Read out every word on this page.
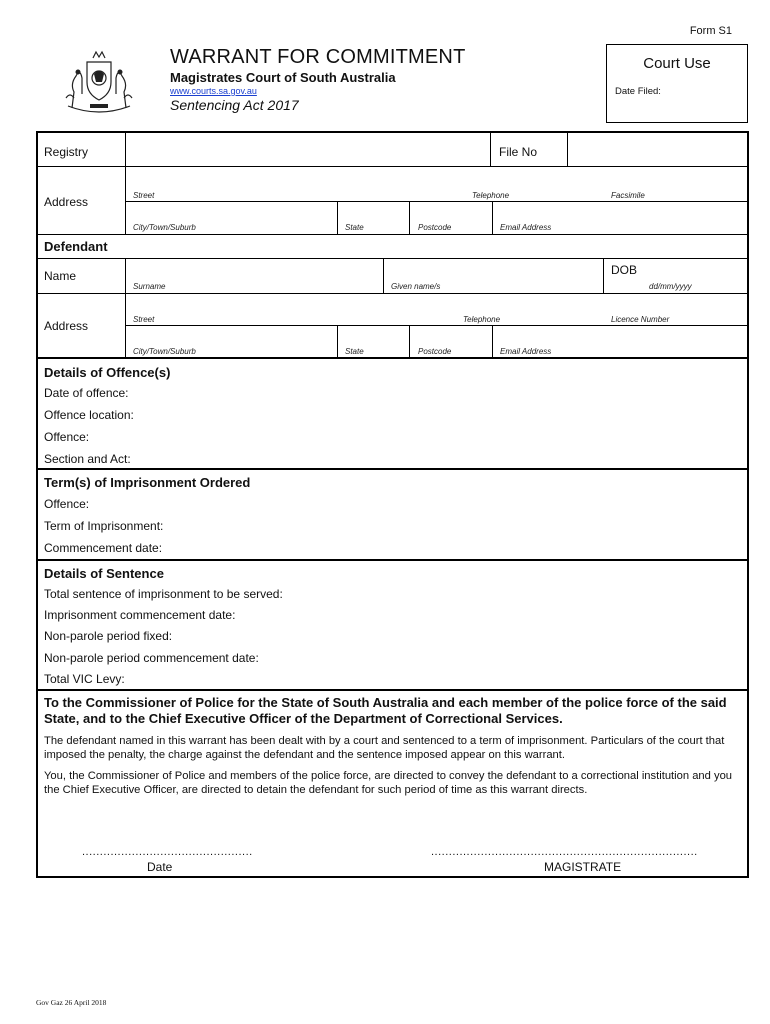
Form S1
WARRANT FOR COMMITMENT
Magistrates Court of South Australia
www.courts.sa.gov.au
Sentencing Act 2017
Court Use
Date Filed:
Registry	File No
Address	Street	Telephone	Facsimile
City/Town/Suburb	State	Postcode	Email Address
Defendant
Name	DOB
Surname	Given name/s	dd/mm/yyyy
Address	Street	Telephone	Licence Number
City/Town/Suburb	State	Postcode	Email Address
Details of Offence(s)
Date of offence:
Offence location:
Offence:
Section and Act:
Term(s) of Imprisonment Ordered
Offence:
Term of Imprisonment:
Commencement date:
Details of Sentence
Total sentence of imprisonment to be served:
Imprisonment commencement date:
Non-parole period fixed:
Non-parole period commencement date:
Total VIC Levy:
To the Commissioner of Police for the State of South Australia and each member of the police force of the said State, and to the Chief Executive Officer of the Department of Correctional Services.
The defendant named in this warrant has been dealt with by a court and sentenced to a term of imprisonment. Particulars of the court that imposed the penalty, the charge against the defendant and the sentence imposed appear on this warrant.
You, the Commissioner of Police and members of the police force, are directed to convey the defendant to a correctional institution and you the Chief Executive Officer, are directed to detain the defendant for such period of time as this warrant directs.
................................................
Date
...........................................................................
MAGISTRATE
Gov Gaz 26 April 2018
